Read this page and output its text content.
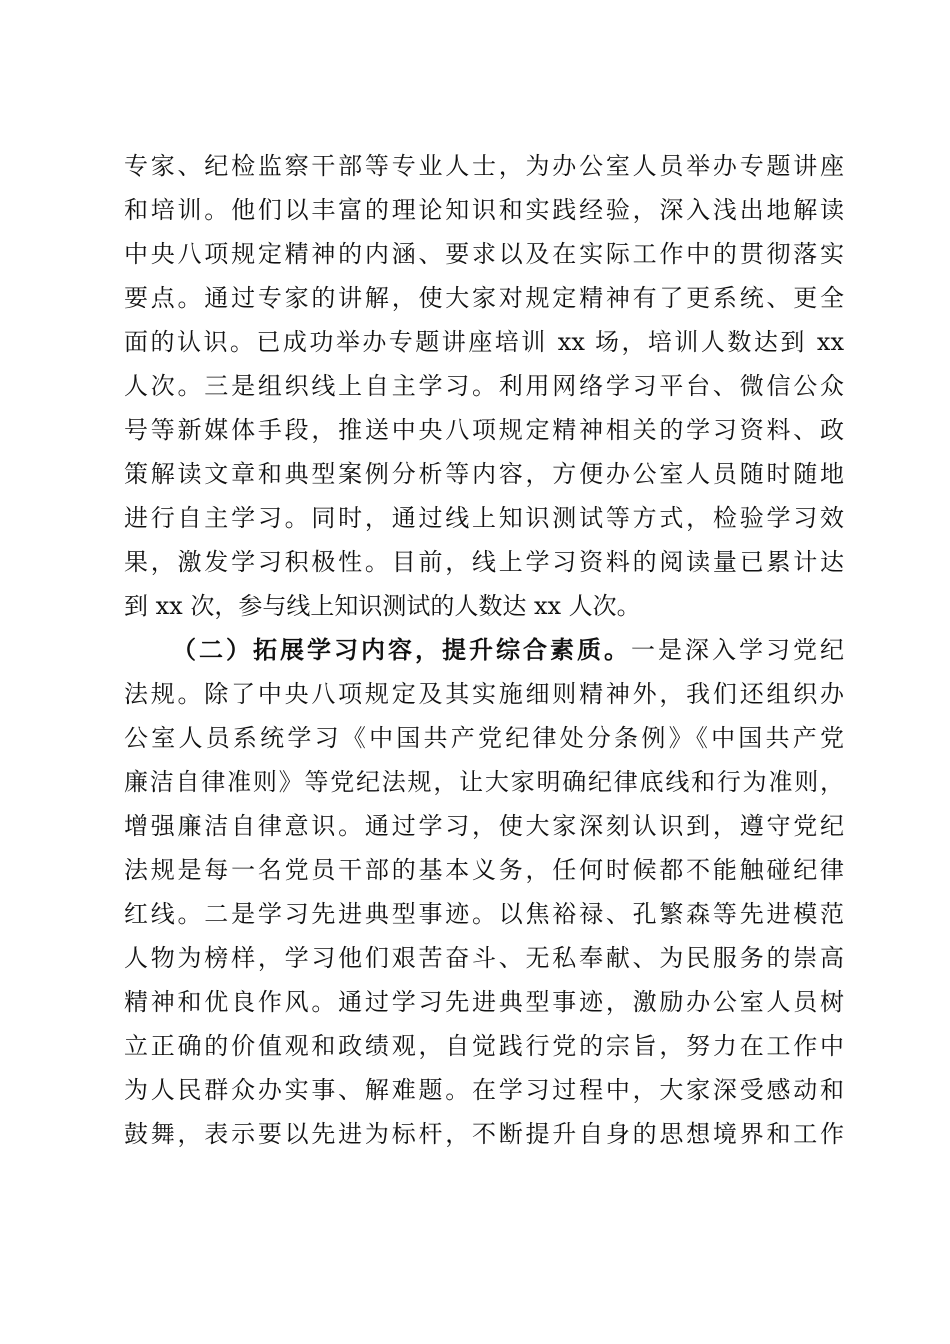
专家、纪检监察干部等专业人士，为办公室人员举办专题讲座
和培训。他们以丰富的理论知识和实践经验，深入浅出地解读
中央八项规定精神的内涵、要求以及在实际工作中的贯彻落实
要点。通过专家的讲解，使大家对规定精神有了更系统、更全
面的认识。已成功举办专题讲座培训 xx 场，培训人数达到 xx
人次。三是组织线上自主学习。利用网络学习平台、微信公众
号等新媒体手段，推送中央八项规定精神相关的学习资料、政
策解读文章和典型案例分析等内容，方便办公室人员随时随地
进行自主学习。同时，通过线上知识测试等方式，检验学习效
果，激发学习积极性。目前，线上学习资料的阅读量已累计达
到 xx 次，参与线上知识测试的人数达 xx 人次。
（二）拓展学习内容，提升综合素质。一是深入学习党纪
法规。除了中央八项规定及其实施细则精神外，我们还组织办
公室人员系统学习《中国共产党纪律处分条例》《中国共产党
廉洁自律准则》等党纪法规，让大家明确纪律底线和行为准则，
增强廉洁自律意识。通过学习，使大家深刻认识到，遵守党纪
法规是每一名党员干部的基本义务，任何时候都不能触碰纪律
红线。二是学习先进典型事迹。以焦裕禄、孔繁森等先进模范
人物为榜样，学习他们艰苦奋斗、无私奉献、为民服务的崇高
精神和优良作风。通过学习先进典型事迹，激励办公室人员树
立正确的价值观和政绩观，自觉践行党的宗旨，努力在工作中
为人民群众办实事、解难题。在学习过程中，大家深受感动和
鼓舞，表示要以先进为标杆，不断提升自身的思想境界和工作
